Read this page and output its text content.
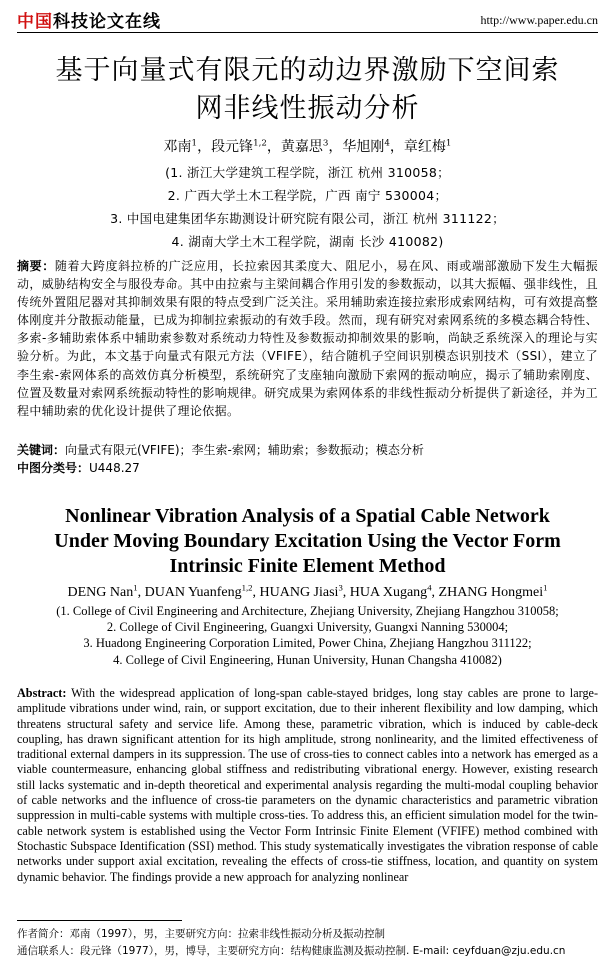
中国科技论文在线	http://www.paper.edu.cn
基于向量式有限元的动边界激励下空间索
网非线性振动分析
邓南$^1$，段元锋$^{1,2}$，黄嘉思$^3$，华旭刚$^4$，章红梅$^1$
(1. 浙江大学建筑工程学院，浙江 杭州 310058；
2. 广西大学土木工程学院，广西 南宁 530004；
3. 中国电建集团华东勘测设计研究院有限公司，浙江 杭州 311122；
4. 湖南大学土木工程学院，湖南 长沙 410082)
摘要：随着大跨度斜拉桥的广泛应用，长拉索因其柔度大、阻尼小，易在风、雨或端部激励下发生大幅振动，威胁结构安全与服役寿命。其中由拉索与主梁间耦合作用引发的参数振动，以其大振幅、强非线性，且传统外置阻尼器对其抑制效果有限的特点受到广泛关注。采用辅助索连接拉索形成索网结构，可有效提高整体刚度并分散振动能量，已成为抑制拉索振动的有效手段。然而，现有研究对索网系统的多模态耦合特性、多索-多辅助索体系中辅助索参数对系统动力特性及参数振动抑制效果的影响，尚缺乏系统深入的理论与实验分析。为此，本文基于向量式有限元方法（VFIFE），结合随机子空间识别模态识别技术（SSI），建立了李生索-索网体系的高效仿真分析模型，系统研究了支座轴向激励下索网的振动响应，揭示了辅助索刚度、位置及数量对索网系统振动特性的影响规律。研究成果为索网体系的非线性振动分析提供了新途径，并为工程中辅助索的优化设计提供了理论依据。
关键词：向量式有限元(VFIFE)；李生索-索网；辅助索；参数振动；模态分析
中图分类号：U448.27
Nonlinear Vibration Analysis of a Spatial Cable Network
Under Moving Boundary Excitation Using the Vector Form
Intrinsic Finite Element Method
DENG Nan$^1$, DUAN Yuanfeng$^{1,2}$, HUANG Jiasi$^3$, HUA Xugang$^4$, ZHANG Hongmei$^1$
(1. College of Civil Engineering and Architecture, Zhejiang University, Zhejiang Hangzhou 310058;
2. College of Civil Engineering, Guangxi University, Guangxi Nanning 530004;
3. Huadong Engineering Corporation Limited, Power China, Zhejiang Hangzhou 311122;
4. College of Civil Engineering, Hunan University, Hunan Changsha 410082)
Abstract: With the widespread application of long-span cable-stayed bridges, long stay cables are prone to large-amplitude vibrations under wind, rain, or support excitation, due to their inherent flexibility and low damping, which threatens structural safety and service life. Among these, parametric vibration, which is induced by cable-deck coupling, has drawn significant attention for its high amplitude, strong nonlinearity, and the limited effectiveness of traditional external dampers in its suppression. The use of cross-ties to connect cables into a network has emerged as a viable countermeasure, enhancing global stiffness and redistributing vibrational energy. However, existing research still lacks systematic and in-depth theoretical and experimental analysis regarding the multi-modal coupling behavior of cable networks and the influence of cross-tie parameters on the dynamic characteristics and parametric vibration suppression in multi-cable systems with multiple cross-ties. To address this, an efficient simulation model for the twin-cable network system is established using the Vector Form Intrinsic Finite Element (VFIFE) method combined with Stochastic Subspace Identification (SSI) method. This study systematically investigates the vibration response of cable networks under support axial excitation, revealing the effects of cross-tie stiffness, location, and quantity on system dynamic behavior. The findings provide a new approach for analyzing nonlinear
作者简介：邓南（1997），男，主要研究方向：拉索非线性振动分析及振动控制
通信联系人：段元锋（1977），男，博导，主要研究方向：结构健康监测及振动控制. E-mail: ceyfduan@zju.edu.cn
